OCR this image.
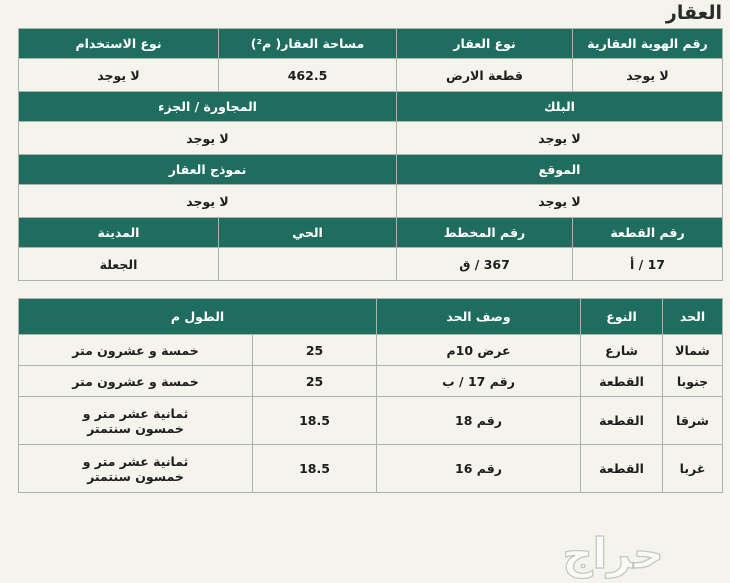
العقار
رقم الهوية العقارية	نوع العقار	مساحة العقار( م²)	نوع الاستخدام
لا يوجد	قطعة الارض	462.5	لا يوجد
البلك		المجاورة / الجزء	
لا يوجد		لا يوجد	
الموقع		نموذج العقار	
لا يوجد		لا يوجد	
رقم القطعة	رقم المخطط	الحي	المدينة
17 / أ	367 / ق		الجعلة
الحد	النوع	وصف الحد	الطول م	
شمالا	شارع	عرض 10م	25	خمسة و عشرون متر
جنوبا	القطعة	رقم 17 / ب	25	خمسة و عشرون متر
شرقا	القطعة	رقم 18	18.5	ثمانية عشر متر و خمسون سنتمتر
غربا	القطعة	رقم 16	18.5	ثمانية عشر متر و خمسون سنتمتر
حراج
